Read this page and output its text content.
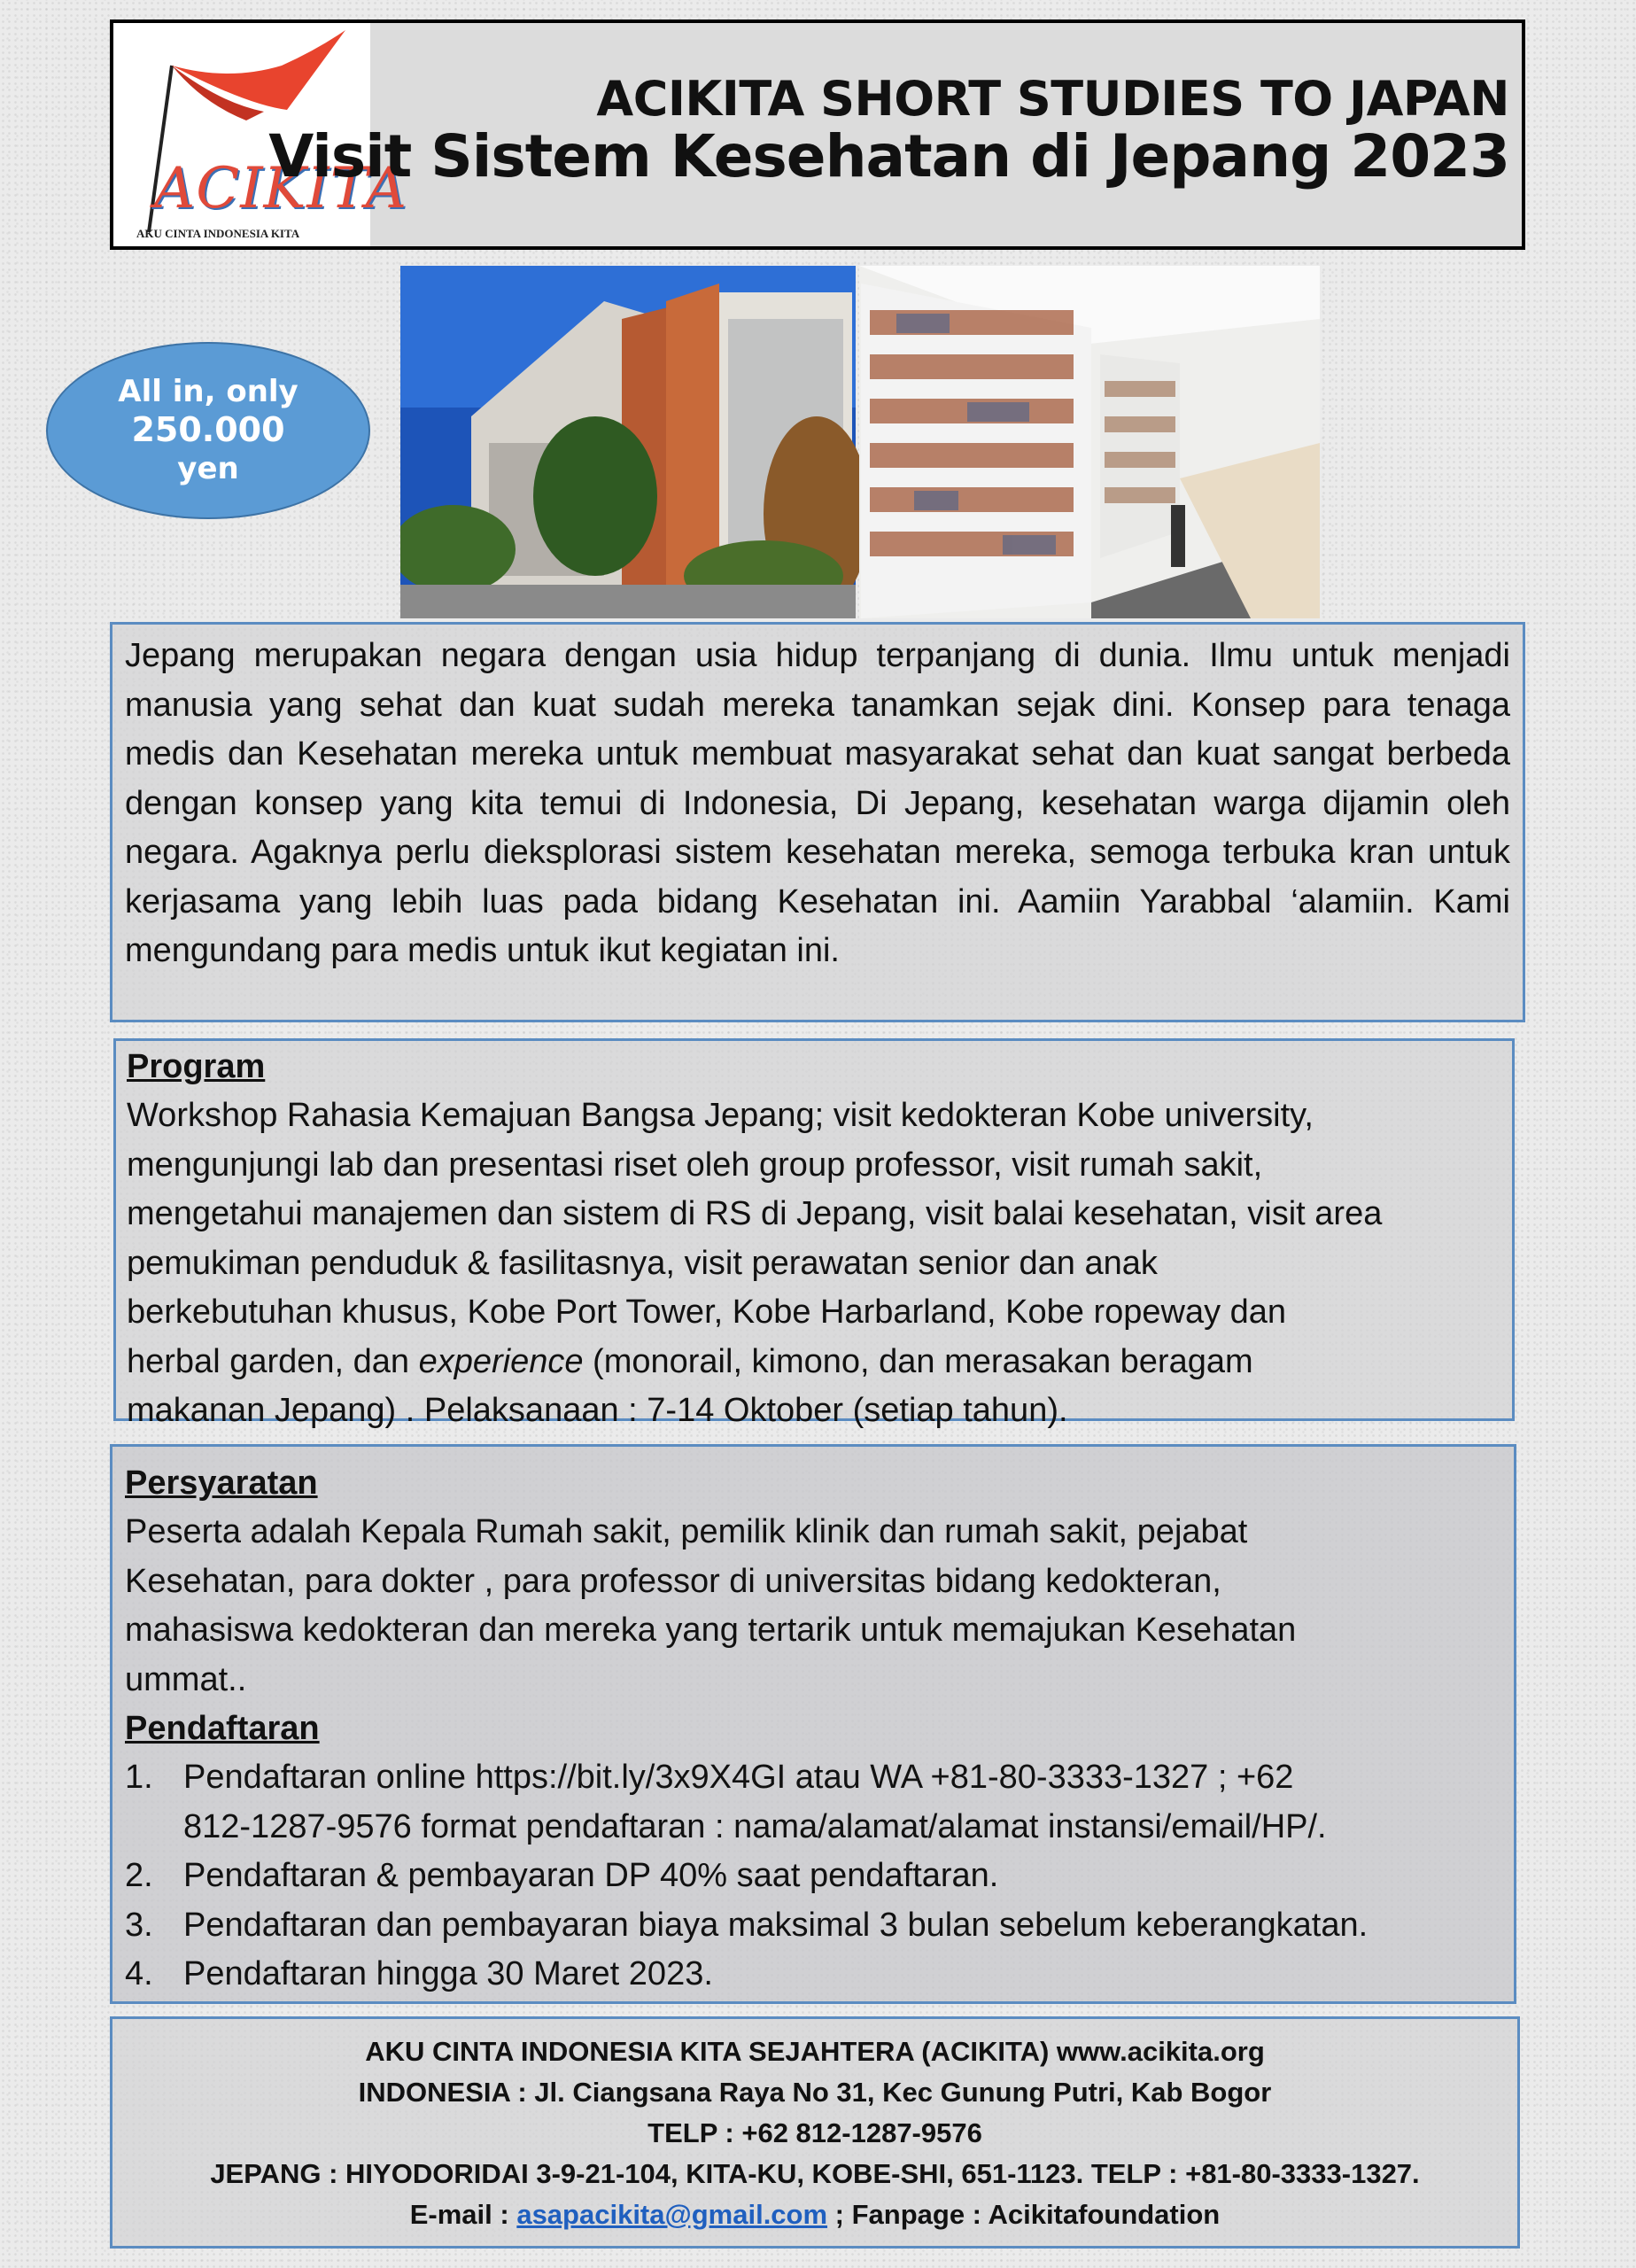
ACIKITA
AKU CINTA INDONESIA KITA
ACIKITA SHORT STUDIES TO JAPAN
Visit Sistem Kesehatan di Jepang 2023
All in, only
250.000
yen

Jepang merupakan negara dengan usia hidup terpanjang di dunia. Ilmu untuk menjadi manusia yang sehat dan kuat sudah mereka tanamkan sejak dini. Konsep para tenaga medis dan Kesehatan mereka untuk membuat masyarakat sehat dan kuat sangat berbeda dengan konsep yang kita temui di Indonesia, Di Jepang, kesehatan warga dijamin oleh negara. Agaknya perlu dieksplorasi sistem kesehatan mereka, semoga terbuka kran untuk kerjasama yang lebih luas pada bidang Kesehatan ini. Aamiin Yarabbal ‘alamiin. Kami mengundang para medis untuk ikut kegiatan ini.

Program
Workshop Rahasia Kemajuan Bangsa Jepang; visit kedokteran Kobe university,
mengunjungi lab dan presentasi riset oleh group professor, visit rumah sakit,
mengetahui manajemen dan sistem di RS di Jepang, visit balai kesehatan, visit area
pemukiman penduduk & fasilitasnya, visit perawatan senior dan anak
berkebutuhan khusus, Kobe Port Tower, Kobe Harbarland, Kobe ropeway dan
herbal garden, dan experience (monorail, kimono, dan merasakan beragam
makanan Jepang) . Pelaksanaan : 7-14 Oktober (setiap tahun).
Persyaratan
Peserta adalah Kepala Rumah sakit, pemilik klinik dan rumah sakit, pejabat
Kesehatan, para dokter , para professor di universitas bidang kedokteran,
mahasiswa kedokteran dan mereka yang tertarik untuk memajukan Kesehatan
ummat..
Pendaftaran
1. Pendaftaran online https://bit.ly/3x9X4GI atau WA +81-80-3333-1327 ; +62
812-1287-9576 format pendaftaran : nama/alamat/alamat instansi/email/HP/.
2. Pendaftaran & pembayaran DP 40% saat pendaftaran.
3. Pendaftaran dan pembayaran biaya maksimal 3 bulan sebelum keberangkatan.
4. Pendaftaran hingga 30 Maret 2023.
AKU CINTA INDONESIA KITA SEJAHTERA (ACIKITA) www.acikita.org
INDONESIA : Jl. Ciangsana Raya No 31, Kec Gunung Putri, Kab Bogor
TELP : +62 812-1287-9576
JEPANG : HIYODORIDAI 3-9-21-104, KITA-KU, KOBE-SHI, 651-1123. TELP : +81-80-3333-1327.
E-mail : asapacikita@gmail.com ; Fanpage : Acikitafoundation
